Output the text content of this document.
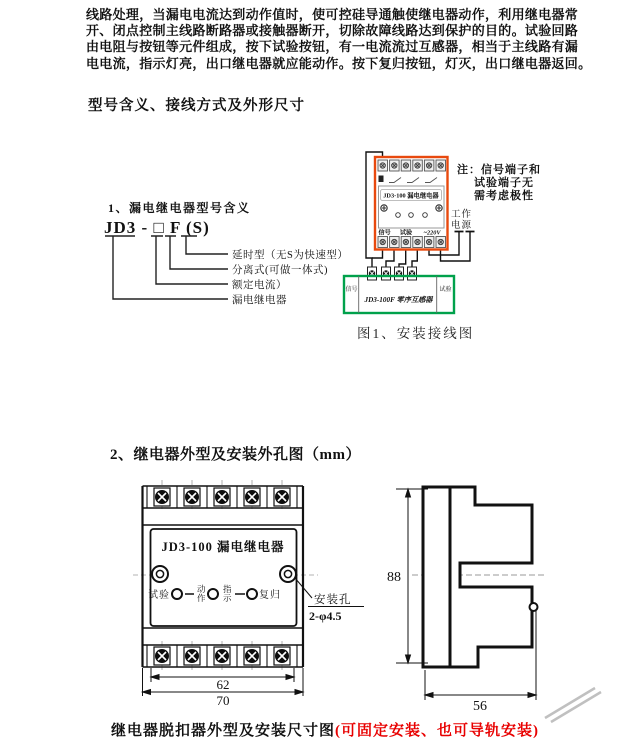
线路处理，当漏电电流达到动作值时，使可控硅导通触使继电器动作，利用继电器常
开、闭点控制主线路断路器或接触器断开，切除故障线路达到保护的目的。试验回路
由电阻与按钮等元件组成，按下试验按钮，有一电流流过互感器，相当于主线路有漏
电电流，指示灯亮，出口继电器就应能动作。按下复归按钮，灯灭，出口继电器返回。
型号含义、接线方式及外形尺寸
1、漏电继电器型号含义
JD3 - □ F (S)
延时型（无S为快速型）
分离式(可做一体式)
额定电流）
漏电继电器
JD3-100 漏电继电器
信号 试验 ~220V
注：信号端子和
试验端子无
需考虑极性
工作
电源
信号	试验
JD3-100F 零序互感器
图1、安装接线图
2、继电器外型及安装外孔图（mm）
JD3-100 漏电继电器
试验
动
作
指
示	复归	安装孔
2-φ4.5
62
70
88
56
继电器脱扣器外型及安装尺寸图(可固定安装、也可导轨安装)
